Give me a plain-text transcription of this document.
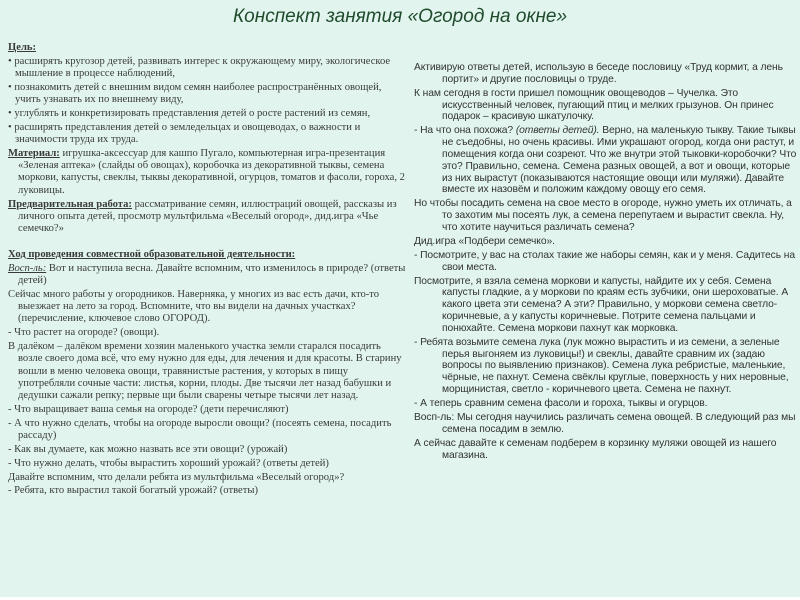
Конспект занятия «Огород на окне»
Цель:
• расширять кругозор детей, развивать интерес к окружающему миру, экологическое мышление в процессе наблюдений,
• познакомить детей с внешним видом семян наиболее распространённых овощей, учить узнавать их по внешнему виду,
• углублять и конкретизировать представления детей о росте растений из семян,
• расширять представления детей о земледельцах и овощеводах, о важности и значимости труда их труда.
Материал: игрушка-аксессуар для кашпо Пугало, компьютерная игра-презентация «Зеленая аптека» (слайды об овощах), коробочка из декоративной тыквы, семена моркови, капусты, свеклы, тыквы декоративной, огурцов, томатов и фасоли, гороха, 2 луковицы.
Предварительная работа: рассматривание семян, иллюстраций овощей, рассказы из личного опыта детей, просмотр мультфильма «Веселый огород», дид.игра «Чье семечко?»
Ход проведения совместной образовательной деятельности:
Восп-ль: Вот и наступила весна. Давайте вспомним, что изменилось в природе? (ответы детей)
Сейчас много работы у огородников. Наверняка, у многих из вас есть дачи, кто-то выезжает на лето за город. Вспомните, что вы видели на дачных участках? (перечисление, ключевое слово ОГОРОД).
- Что растет на огороде? (овощи).
В далёком – далёком времени хозяин маленького участка земли старался посадить возле своего дома всё, что ему нужно для еды, для лечения и для красоты. В старину вошли в меню человека овощи, травянистые растения, у которых в пищу употребляли сочные части: листья, корни, плоды. Две тысячи лет назад бабушки и дедушки сажали репку; первые щи были сварены четыре тысячи лет назад.
- Что выращивает ваша семья на огороде? (дети перечисляют)
- А что нужно сделать, чтобы на огороде выросли овощи? (посеять семена, посадить рассаду)
- Как вы думаете, как можно назвать все эти овощи? (урожай)
- Что нужно делать, чтобы вырастить хороший урожай? (ответы детей)
Давайте вспомним, что делали ребята из мультфильма «Веселый огород»?
- Ребята, кто вырастил такой богатый урожай? (ответы)
Активирую ответы детей, использую в беседе пословицу «Труд кормит, а лень портит» и другие пословицы о труде.
К нам сегодня в гости пришел помощник овощеводов – Чучелка. Это искусственный человек, пугающий птиц и мелких грызунов. Он принес подарок – красивую шкатулочку.
- На что она похожа? (ответы детей). Верно, на маленькую тыкву. Такие тыквы не съедобны, но очень красивы. Ими украшают огород, когда они растут, и помещения когда они созреют. Что же внутри этой тыковки-коробочки? Что это? Правильно, семена. Семена разных овощей, а вот и овощи, которые из них вырастут (показываются настоящие овощи или муляжи). Давайте вместе их назовём и положим каждому овощу его семя.
Но чтобы посадить семена на свое место в огороде, нужно уметь их отличать, а то захотим мы посеять лук, а семена перепутаем и вырастит свекла. Ну, что хотите научиться различать семена?
Дид.игра «Подбери семечко».
- Посмотрите, у вас на столах такие же наборы семян, как и у меня. Садитесь на свои места.
Посмотрите, я взяла семена моркови и капусты, найдите их у себя. Семена капусты гладкие, а у моркови по краям есть зубчики, они шероховатые. А какого цвета эти семена? А эти? Правильно, у моркови семена светло-коричневые, а у капусты коричневые. Потрите семена пальцами и понюхайте. Семена моркови пахнут как морковка.
- Ребята возьмите семена лука (лук можно вырастить и из семени, а зеленые перья выгоняем из луковицы!) и свеклы, давайте сравним их (задаю вопросы по выявлению признаков). Семена лука ребристые, маленькие, чёрные, не пахнут. Семена свёклы круглые, поверхность у них неровные, морщинистая, светло - коричневого цвета. Семена не пахнут.
- А теперь сравним семена фасоли и гороха, тыквы и огурцов.
Восп-ль: Мы сегодня научились различать семена овощей. В следующий раз мы семена посадим в землю.
А сейчас давайте к семенам подберем в корзинку муляжи овощей из нашего магазина.
